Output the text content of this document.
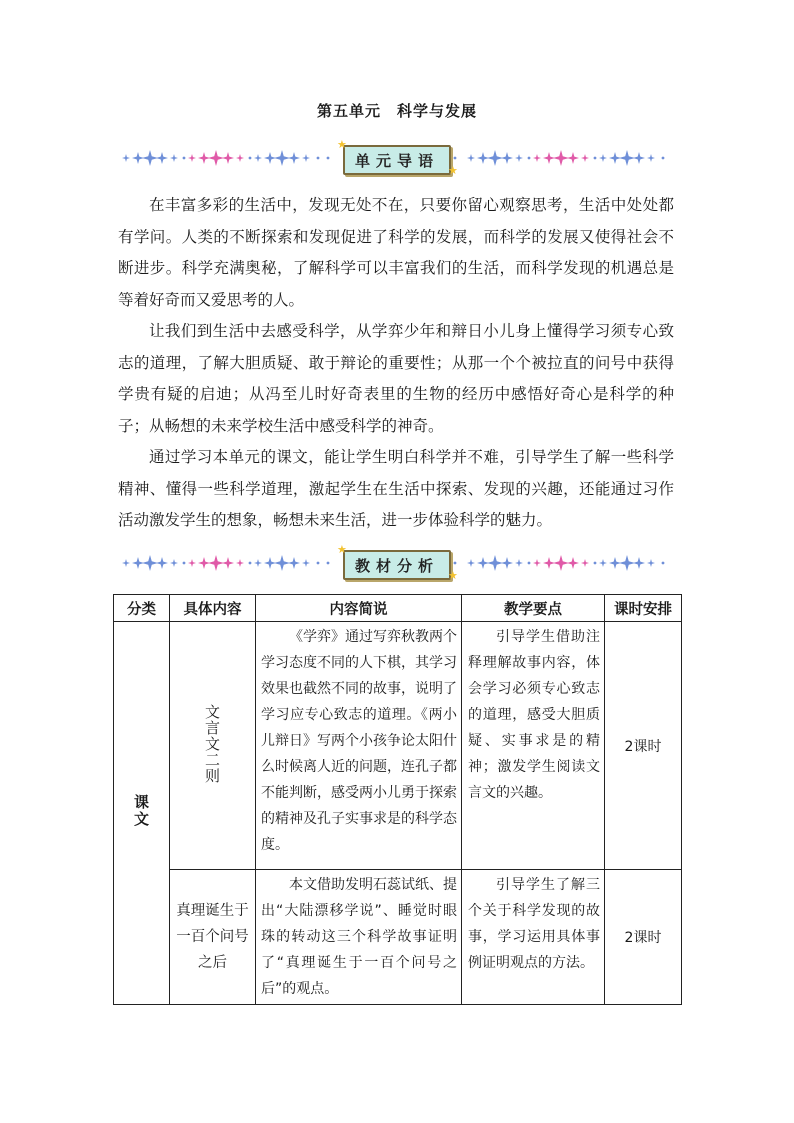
第五单元　科学与发展
单元导语
★
★

在丰富多彩的生活中，发现无处不在，只要你留心观察思考，生活中处处都有学问。人类的不断探索和发现促进了科学的发展，而科学的发展又使得社会不断进步。科学充满奥秘，了解科学可以丰富我们的生活，而科学发现的机遇总是等着好奇而又爱思考的人。

让我们到生活中去感受科学，从学弈少年和辩日小儿身上懂得学习须专心致志的道理，了解大胆质疑、敢于辩论的重要性；从那一个个被拉直的问号中获得学贵有疑的启迪；从冯至儿时好奇表里的生物的经历中感悟好奇心是科学的种子；从畅想的未来学校生活中感受科学的神奇。

通过学习本单元的课文，能让学生明白科学并不难，引导学生了解一些科学精神、懂得一些科学道理，激起学生在生活中探索、发现的兴趣，还能通过习作活动激发学生的想象，畅想未来生活，进一步体验科学的魅力。

教材分析
★
★
分类	具体内容	内容简说	教学要点	课时安排
课文	文言文二则	《学弈》通过写弈秋教两个学习态度不同的人下棋，其学习效果也截然不同的故事，说明了学习应专心致志的道理。《两小儿辩日》写两个小孩争论太阳什么时候离人近的问题，连孔子都不能判断，感受两小儿勇于探索的精神及孔子实事求是的科学态度。	引导学生借助注释理解故事内容，体会学习必须专心致志的道理，感受大胆质疑、实事求是的精神；激发学生阅读文言文的兴趣。	2课时
	真理诞生于一百个问号之后	本文借助发明石蕊试纸、提出“大陆漂移学说”、睡觉时眼珠的转动这三个科学故事证明了“真理诞生于一百个问号之后”的观点。	引导学生了解三个关于科学发现的故事，学习运用具体事例证明观点的方法。	2课时
